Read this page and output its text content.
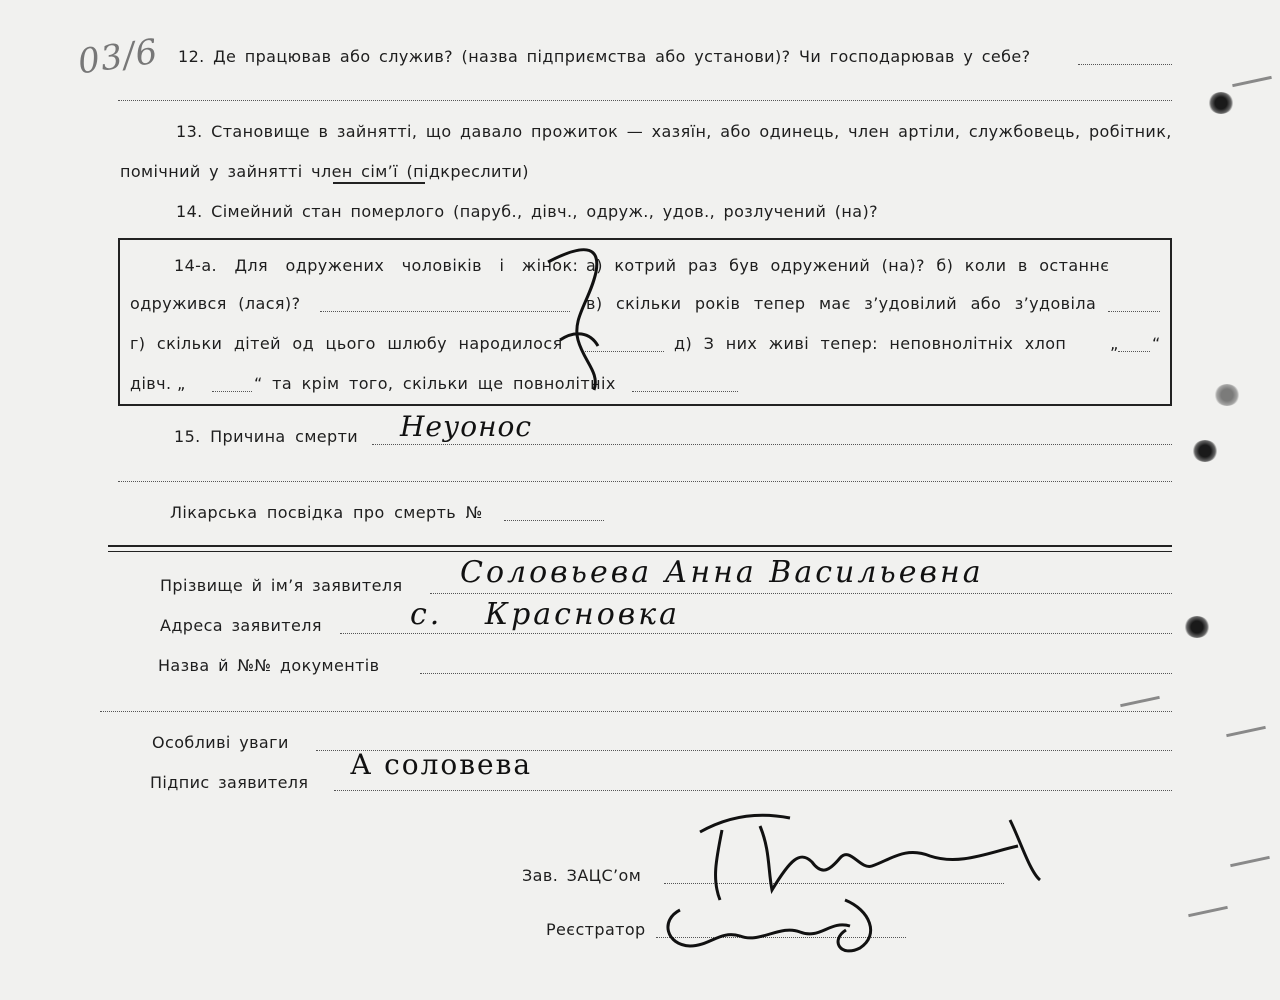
03/6 12. Де працював або служив? (назва підприємства або установи)? Чи господарював у себе?
13. Становище в зайнятті, що давало прожиток — хазяїн, або одинець, член артіли, службовець, робітник,
помічний у зайнятті член сім’ї (підкреслити)
14. Сімейний стан померлого (паруб., дівч., одруж., удов., розлучений (на)?
14-а. Для одружених чоловіків і жінок: а) котрий раз був одружений (на)? б) коли в останнє
одружився (лася)?	в) скільки років тепер має з’удовілий або з’удовіла
г) скільки дітей од цього шлюбу народилося	д) З них живі тепер: неповнолітніх хлоп	„ “
дівч. „	“ та крім того, скільки ще повнолітніх
15. Причина смерти Неуонос
Лікарська посвідка про смерть №
Прізвище й ім’я заявителя Соловьева Анна Васильевна
Адреса заявителя	с. Красновка
Назва й №№ документів
Особливі уваги
Підпис заявителя
А соловева
Зав. ЗАЦС’ом
Реєстратор
